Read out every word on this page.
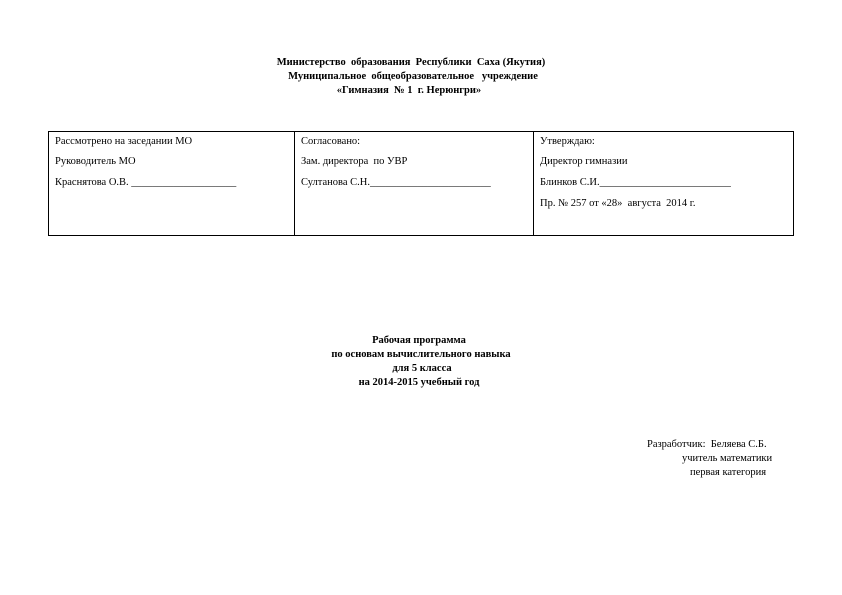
Министерство  образования  Республики  Саха (Якутия)
Муниципальное  общеобразовательное   учреждение
«Гимназия  № 1  г. Нерюнгри»
Рассмотрено на заседании МО
Руководитель МО
Краснятова О.В. ____________________
Согласовано:
Зам. директора  по УВР
Султанова С.Н._______________________
Утверждаю:
Директор гимназии
Блинков С.И._________________________
Пр. № 257 от «28»  августа  2014 г.
Рабочая программа
по основам вычислительного навыка
для 5 класса
на 2014-2015 учебный год
Разработчик:  Беляева С.Б.
учитель математики
первая категория
